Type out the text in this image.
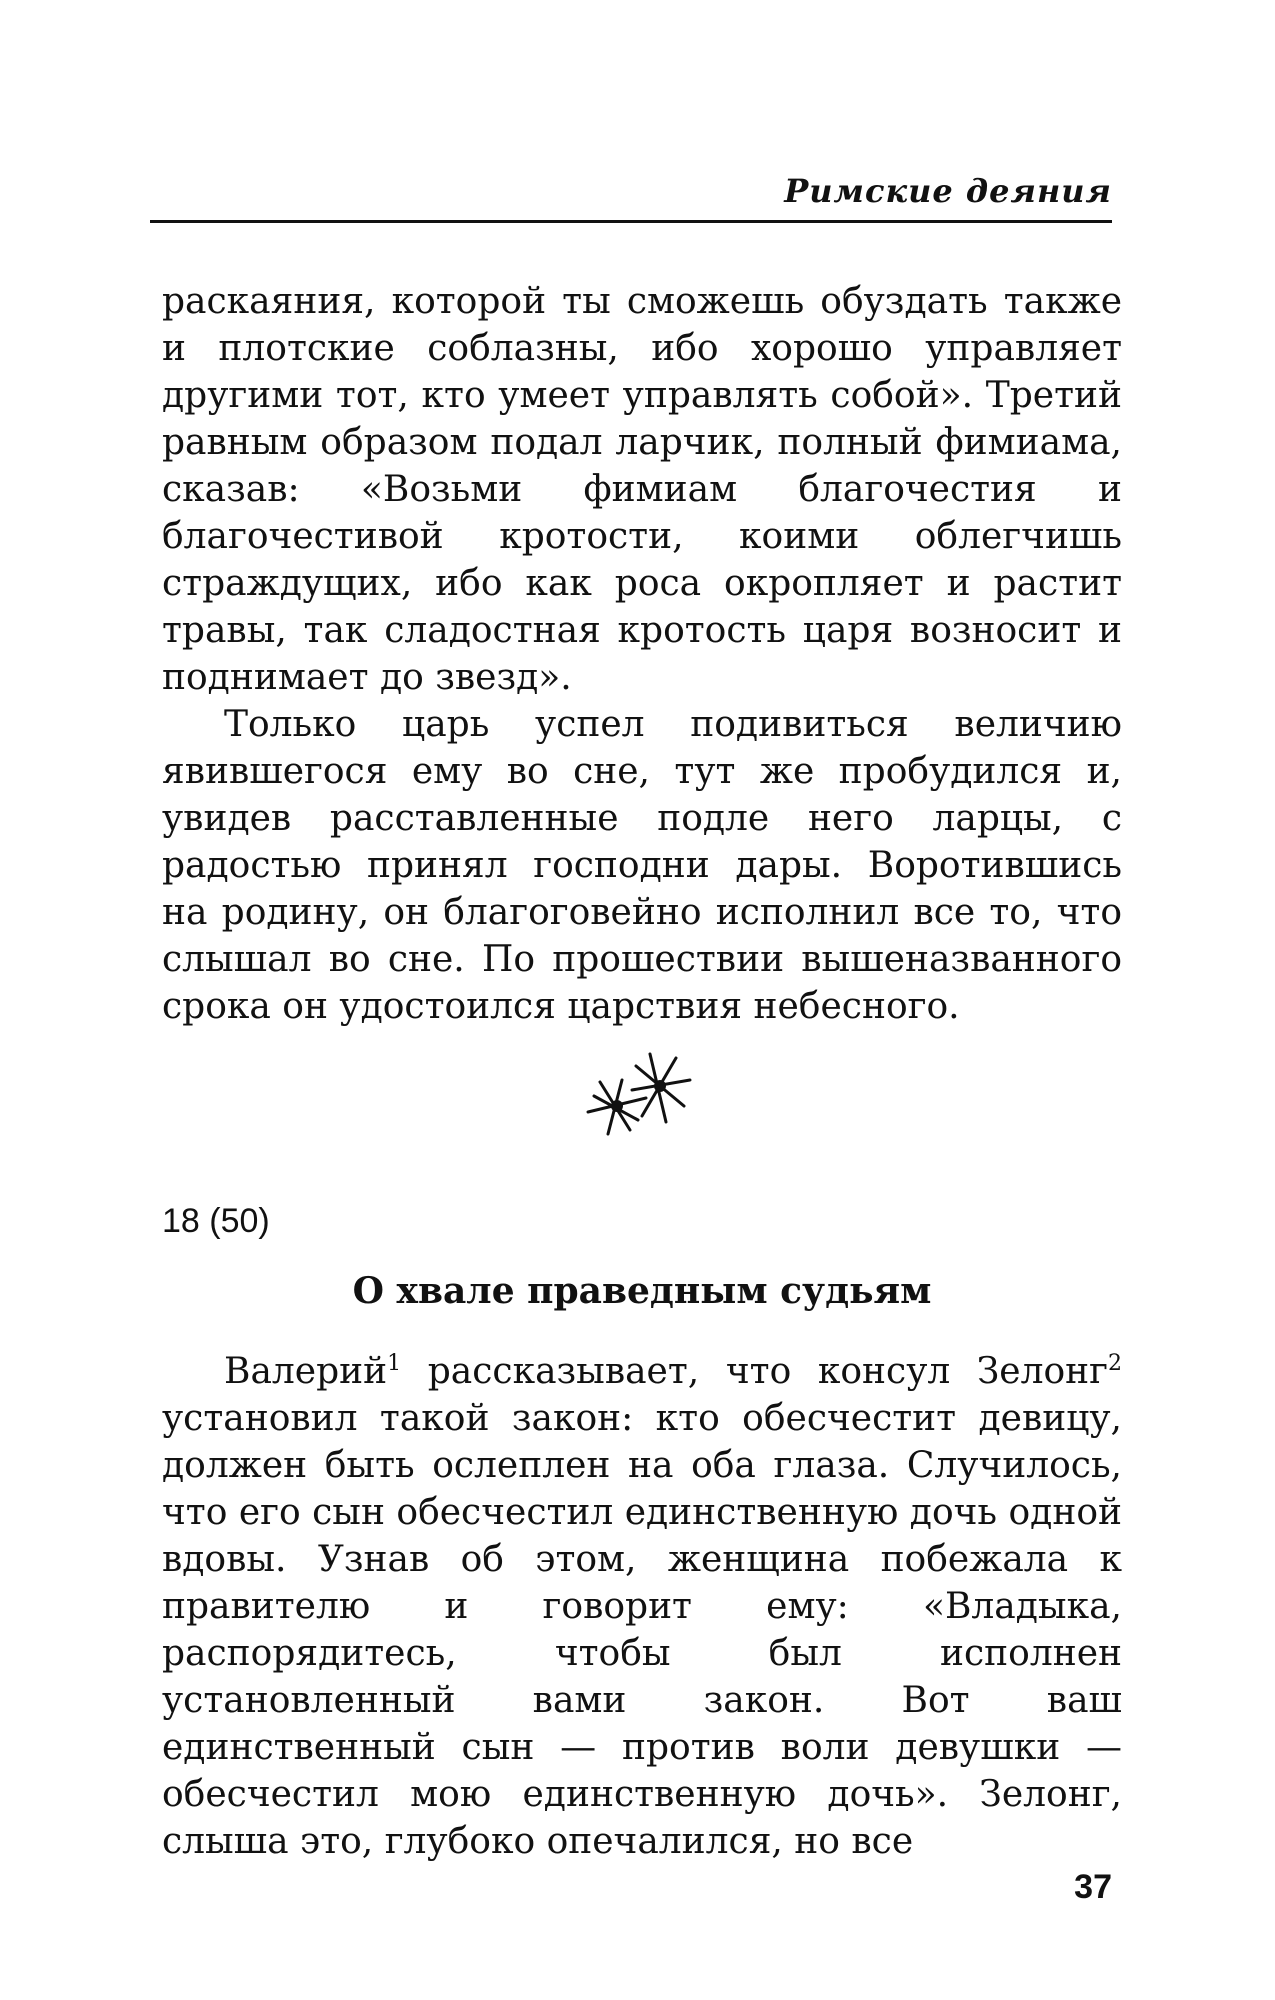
Римские деяния

раскаяния, которой ты сможешь обуздать также и плотские соблазны, ибо хорошо управляет другими тот, кто умеет управлять собой». Третий равным образом подал ларчик, полный фимиама, сказав: «Возьми фимиам благочестия и благочестивой кротости, коими облегчишь страждущих, ибо как роса окропляет и растит травы, так сладостная кротость царя возносит и поднимает до звезд».

Только царь успел подивиться величию явившегося ему во сне, тут же пробудился и, увидев расставленные подле него ларцы, с радостью принял господни дары. Воротившись на родину, он благоговейно исполнил все то, что слышал во сне. По прошествии вышеназванного срока он удостоился царствия небесного.

18 (50)
О хвале праведным судьям

Валерий$^1$ рассказывает, что консул Зелонг$^2$ установил такой закон: кто обесчестит девицу, должен быть ослеплен на оба глаза. Случилось, что его сын обесчестил единственную дочь одной вдовы. Узнав об этом, женщина побежала к правителю и говорит ему: «Владыка, распорядитесь, чтобы был исполнен установленный вами закон. Вот ваш единственный сын — против воли девушки — обесчестил мою единственную дочь». Зелонг, слыша это, глубоко опечалился, но все

37
